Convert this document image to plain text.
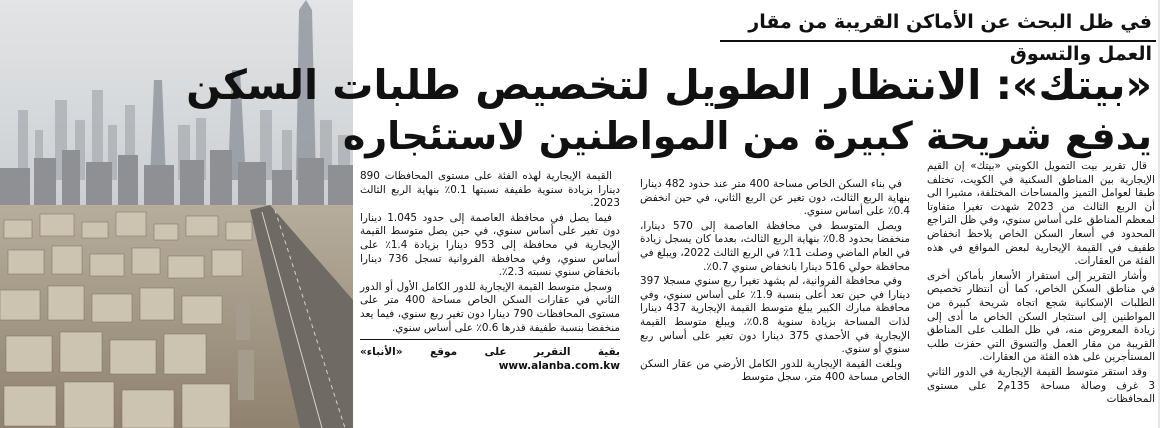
في ظل البحث عن الأماكن القريبة من مقار العمل والتسوق
«بيتك»: الانتظار الطويل لتخصيص طلبات السكن
يدفع شريحة كبيرة من المواطنين لاستئجاره

قال تقرير بيت التمويل الكويتي «بيتك» إن القيم الإيجارية بين المناطق السكنية في الكويت، تختلف طبقا لعوامل التميز والمساحات المختلفة، مشيرا الى أن الربع الثالث من 2023 شهدت تغيرا متفاوتا لمعظم المناطق على أساس سنوي، وفي ظل التراجع المحدود في أسعار السكن الخاص يلاحظ انخفاض طفيف في القيمة الإيجارية لبعض المواقع في هذه الفئة من العقارات.

وأشار التقرير إلى استقرار الأسعار بأماكن أخرى في مناطق السكن الخاص، كما أن انتظار تخصيص الطلبات الإسكانية شجع اتجاه شريحة كبيرة من المواطنين إلى استئجار السكن الخاص ما أدى إلى زيادة المعروض منه، في ظل الطلب على المناطق القريبة من مقار العمل والتسوق التي حفزت طلب المستأجرين على هذه الفئة من العقارات.

وقد استقر متوسط القيمة الإيجارية في الدور الثاني 3 غرف وصالة مساحة 135م2 على مستوى المحافظات

في بناء السكن الخاص مساحة 400 متر عند حدود 482 دينارا بنهاية الربع الثالث، دون تغير عن الربع الثاني، في حين انخفض 0.4٪ على أساس سنوي.

ويصل المتوسط في محافظة العاصمة إلى 570 دينارا، منخفضا بحدود 0.8٪ بنهاية الربع الثالث، بعدما كان يسجل زيادة في العام الماضي وصلت 11٪ في الربع الثالث 2022، ويبلغ في محافظة حولي 516 دينارا بانخفاض سنوي 0.7٪.

وفي محافظة الفروانية، لم يشهد تغيرا ربع سنوي مسجلا 397 دينارا في حين تعد أعلى بنسبة 1.9٪ على أساس سنوي، وفي محافظة مبارك الكبير يبلغ متوسط القيمة الإيجارية 437 دينارا لذات المساحة بزيادة سنوية 0.8٪، ويبلغ متوسط القيمة الإيجارية في الأحمدي 375 دينارا دون تغير على أساس ربع سنوي أو سنوي.

وبلغت القيمة الإيجارية للدور الكامل الأرضي من عقار السكن الخاص مساحة 400 متر، سجل متوسط

القيمة الإيجارية لهذه الفئة على مستوى المحافظات 890 دينارا بزيادة سنوية طفيفة نسبتها 0.1٪ بنهاية الربع الثالث 2023.

فيما يصل في محافظة العاصمة إلى حدود 1.045 دينارا دون تغير على أساس سنوي، في حين يصل متوسط القيمة الإيجارية في محافظة إلى 953 دينارا بزيادة 1.4٪ على أساس سنوي، وفي محافظة الفروانية تسجل 736 دينارا بانخفاض سنوي نسبته 2.3٪.

وسجل متوسط القيمة الإيجارية للدور الكامل الأول أو الدور الثاني في عقارات السكن الخاص مساحة 400 متر على مستوى المحافظات 790 دينارا دون تغير ربع سنوي، فيما يعد منخفضا بنسبة طفيفة قدرها 0.6٪ على أساس سنوي.

بقية التقرير على موقع «الأنباء» www.alanba.com.kw
